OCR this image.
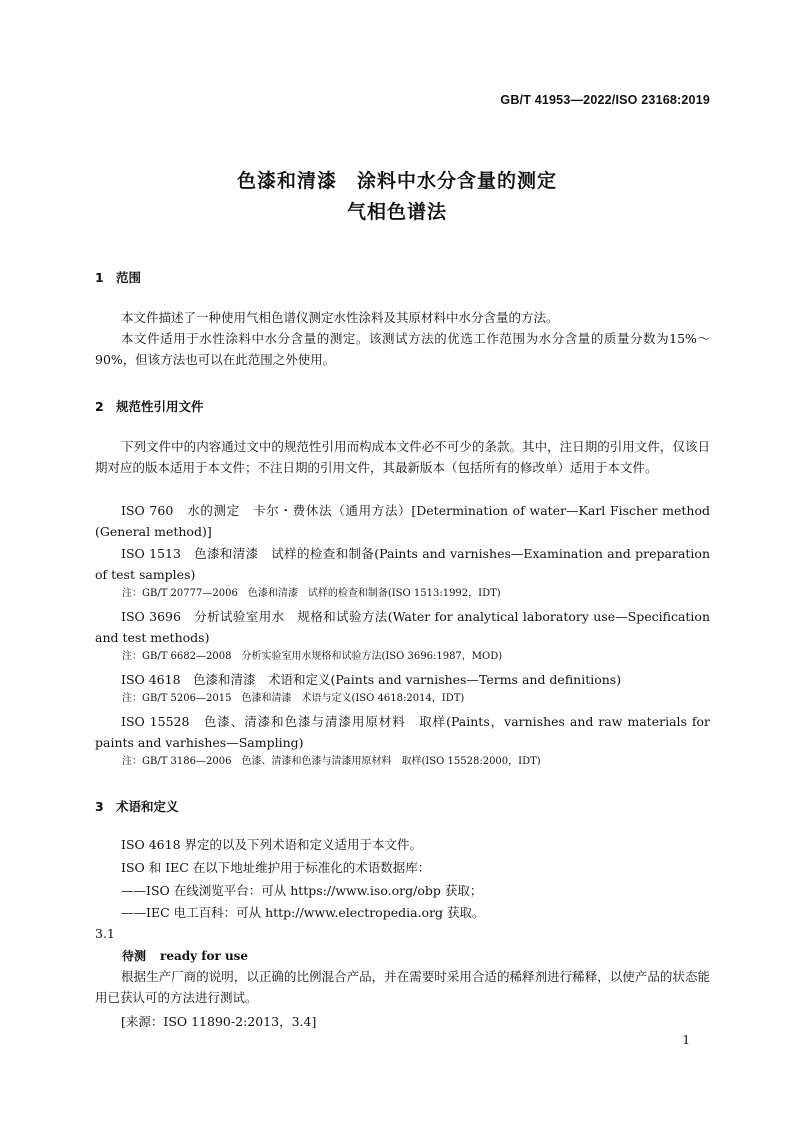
GB/T 41953—2022/ISO 23168:2019
色漆和清漆　涂料中水分含量的测定
气相色谱法
1 范围
本文件描述了一种使用气相色谱仪测定水性涂料及其原材料中水分含量的方法。
本文件适用于水性涂料中水分含量的测定。该测试方法的优选工作范围为水分含量的质量分数为15%～90%，但该方法也可以在此范围之外使用。
2 规范性引用文件
下列文件中的内容通过文中的规范性引用而构成本文件必不可少的条款。其中，注日期的引用文件，仅该日期对应的版本适用于本文件；不注日期的引用文件，其最新版本（包括所有的修改单）适用于本文件。
ISO 760　水的测定　卡尔・费休法（通用方法）[Determination of water—Karl Fischer method (General method)]
ISO 1513　色漆和清漆　试样的检查和制备(Paints and varnishes—Examination and preparation of test samples)
注：GB/T 20777—2006　色漆和清漆　试样的检查和制备(ISO 1513:1992，IDT)
ISO 3696　分析试验室用水　规格和试验方法(Water for analytical laboratory use—Specification and test methods)
注：GB/T 6682—2008　分析实验室用水规格和试验方法(ISO 3696:1987，MOD)
ISO 4618　色漆和清漆　术语和定义(Paints and varnishes—Terms and definitions)
注：GB/T 5206—2015　色漆和清漆　术语与定义(ISO 4618:2014，IDT)
ISO 15528　色漆、清漆和色漆与清漆用原材料　取样(Paints，varnishes and raw materials for paints and varhishes—Sampling)
注：GB/T 3186—2006　色漆、清漆和色漆与清漆用原材料　取样(ISO 15528:2000，IDT)
3 术语和定义
ISO 4618 界定的以及下列术语和定义适用于本文件。
ISO 和 IEC 在以下地址维护用于标准化的术语数据库：
——ISO 在线浏览平台：可从 https://www.iso.org/obp 获取；
——IEC 电工百科：可从 http://www.electropedia.org 获取。
3.1
待测 ready for use
根据生产厂商的说明，以正确的比例混合产品，并在需要时采用合适的稀释剂进行稀释，以使产品的状态能用已获认可的方法进行测试。
[来源：ISO 11890-2:2013，3.4]
1
